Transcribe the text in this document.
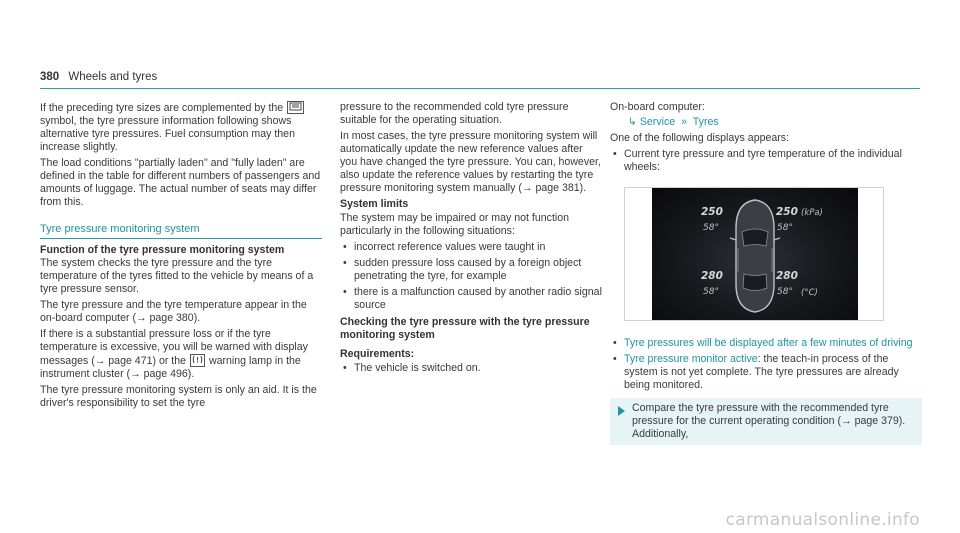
380 Wheels and tyres

If the preceding tyre sizes are complemented by the  symbol, the tyre pressure information following shows alternative tyre pressures. Fuel consumption may then increase slightly.

The load conditions "partially laden" and "fully laden" are defined in the table for different numbers of passengers and amounts of luggage. The actual number of seats may differ from this.

Tyre pressure monitoring system
Function of the tyre pressure monitoring system

The system checks the tyre pressure and the tyre temperature of the tyres fitted to the vehicle by means of a tyre pressure sensor.

The tyre pressure and the tyre temperature appear in the on-board computer (→ page 380).

If there is a substantial pressure loss or if the tyre temperature is excessive, you will be warned with display messages (→ page 471) or the warning lamp in the instrument cluster (→ page 496).

The tyre pressure monitoring system is only an aid. It is the driver's responsibility to set the tyre

pressure to the recommended cold tyre pressure suitable for the operating situation.

In most cases, the tyre pressure monitoring system will automatically update the new reference values after you have changed the tyre pressure. You can, however, also update the reference values by restarting the tyre pressure monitoring system manually (→ page 381).

System limits

The system may be impaired or may not function particularly in the following situations:

• incorrect reference values were taught in
• sudden pressure loss caused by a foreign object penetrating the tyre, for example
• there is a malfunction caused by another radio signal source
Checking the tyre pressure with the tyre pressure monitoring system
Requirements:
• The vehicle is switched on.

On-board computer:

↳ Service » Tyres

One of the following displays appears:

• Current tyre pressure and tyre temperature of the individual wheels:
250	250 (kPa)
58°	58°
280	280
58°	58° (°C)
• Tyre pressures will be displayed after a few minutes of driving
• Tyre pressure monitor active: the teach-in process of the system is not yet complete. The tyre pressures are already being monitored.
Compare the tyre pressure with the recommended tyre pressure for the current operating condition (→ page 379). Additionally,
carmanualsonline.info
